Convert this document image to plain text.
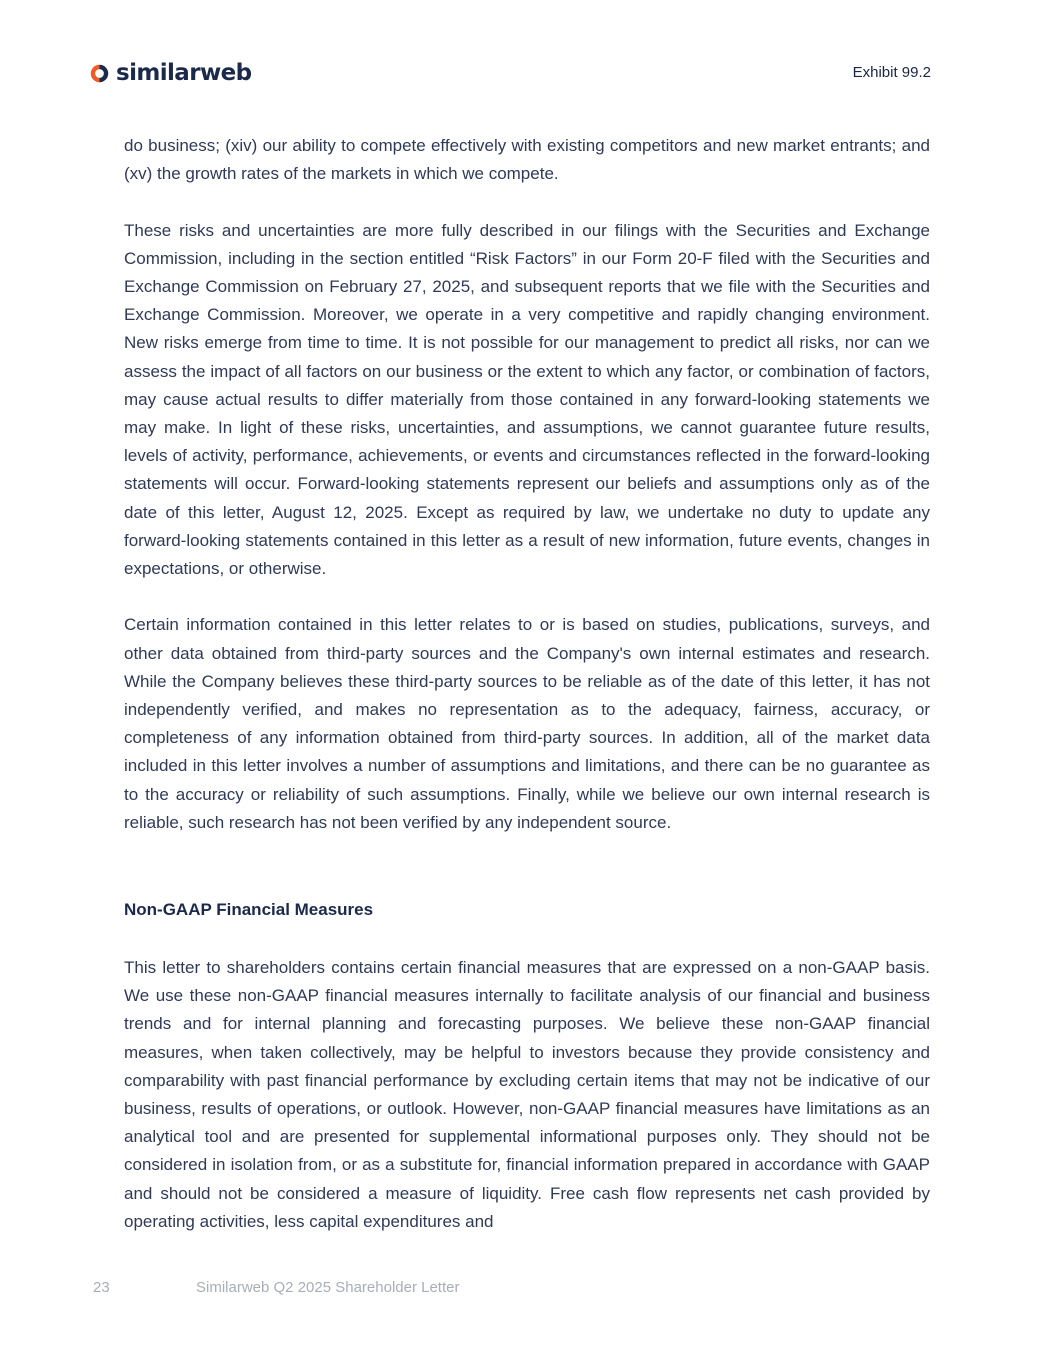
similarweb	Exhibit 99.2

do business; (xiv) our ability to compete effectively with existing competitors and new market entrants; and (xv) the growth rates of the markets in which we compete.

These risks and uncertainties are more fully described in our filings with the Securities and Exchange Commission, including in the section entitled “Risk Factors” in our Form 20-F filed with the Securities and Exchange Commission on February 27, 2025, and subsequent reports that we file with the Securities and Exchange Commission. Moreover, we operate in a very competitive and rapidly changing environment. New risks emerge from time to time. It is not possible for our management to predict all risks, nor can we assess the impact of all factors on our business or the extent to which any factor, or combination of factors, may cause actual results to differ materially from those contained in any forward-looking statements we may make. In light of these risks, uncertainties, and assumptions, we cannot guarantee future results, levels of activity, performance, achievements, or events and circumstances reflected in the forward-looking statements will occur. Forward-looking statements represent our beliefs and assumptions only as of the date of this letter, August 12, 2025. Except as required by law, we undertake no duty to update any forward-looking statements contained in this letter as a result of new information, future events, changes in expectations, or otherwise.

Certain information contained in this letter relates to or is based on studies, publications, surveys, and other data obtained from third-party sources and the Company's own internal estimates and research. While the Company believes these third-party sources to be reliable as of the date of this letter, it has not independently verified, and makes no representation as to the adequacy, fairness, accuracy, or completeness of any information obtained from third-party sources. In addition, all of the market data included in this letter involves a number of assumptions and limitations, and there can be no guarantee as to the accuracy or reliability of such assumptions. Finally, while we believe our own internal research is reliable, such research has not been verified by any independent source.

Non-GAAP Financial Measures

This letter to shareholders contains certain financial measures that are expressed on a non-GAAP basis. We use these non-GAAP financial measures internally to facilitate analysis of our financial and business trends and for internal planning and forecasting purposes. We believe these non-GAAP financial measures, when taken collectively, may be helpful to investors because they provide consistency and comparability with past financial performance by excluding certain items that may not be indicative of our business, results of operations, or outlook. However, non-GAAP financial measures have limitations as an analytical tool and are presented for supplemental informational purposes only. They should not be considered in isolation from, or as a substitute for, financial information prepared in accordance with GAAP and should not be considered a measure of liquidity. Free cash flow represents net cash provided by operating activities, less capital expenditures and

23	Similarweb Q2 2025 Shareholder Letter
